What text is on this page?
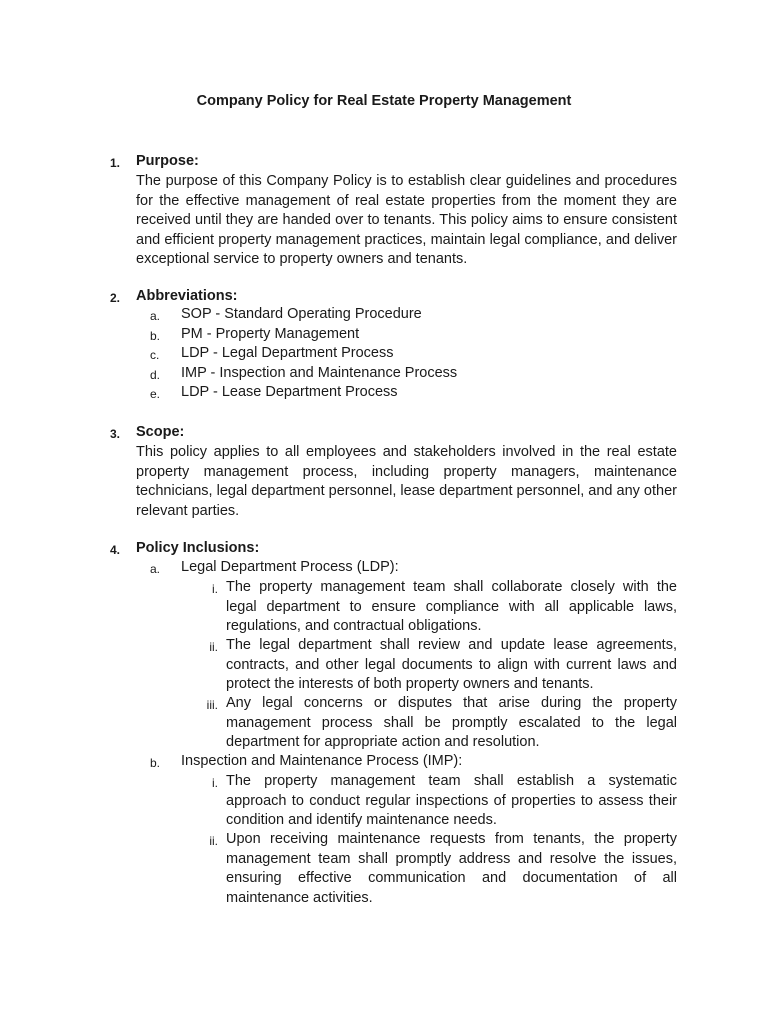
Company Policy for Real Estate Property Management
1.	Purpose:
The purpose of this Company Policy is to establish clear guidelines and procedures for the effective management of real estate properties from the moment they are received until they are handed over to tenants. This policy aims to ensure consistent and efficient property management practices, maintain legal compliance, and deliver exceptional service to property owners and tenants.
2.	Abbreviations:
a.	SOP - Standard Operating Procedure
b.	PM - Property Management
c.	LDP - Legal Department Process
d.	IMP - Inspection and Maintenance Process
e.	LDP - Lease Department Process
3.	Scope:
This policy applies to all employees and stakeholders involved in the real estate property management process, including property managers, maintenance technicians, legal department personnel, lease department personnel, and any other relevant parties.
4.	Policy Inclusions:
a.	Legal Department Process (LDP):
i. The property management team shall collaborate closely with the legal department to ensure compliance with all applicable laws, regulations, and contractual obligations.
ii. The legal department shall review and update lease agreements, contracts, and other legal documents to align with current laws and protect the interests of both property owners and tenants.
iii. Any legal concerns or disputes that arise during the property management process shall be promptly escalated to the legal department for appropriate action and resolution.
b.	Inspection and Maintenance Process (IMP):
i. The property management team shall establish a systematic approach to conduct regular inspections of properties to assess their condition and identify maintenance needs.
ii. Upon receiving maintenance requests from tenants, the property management team shall promptly address and resolve the issues, ensuring effective communication and documentation of all maintenance activities.
